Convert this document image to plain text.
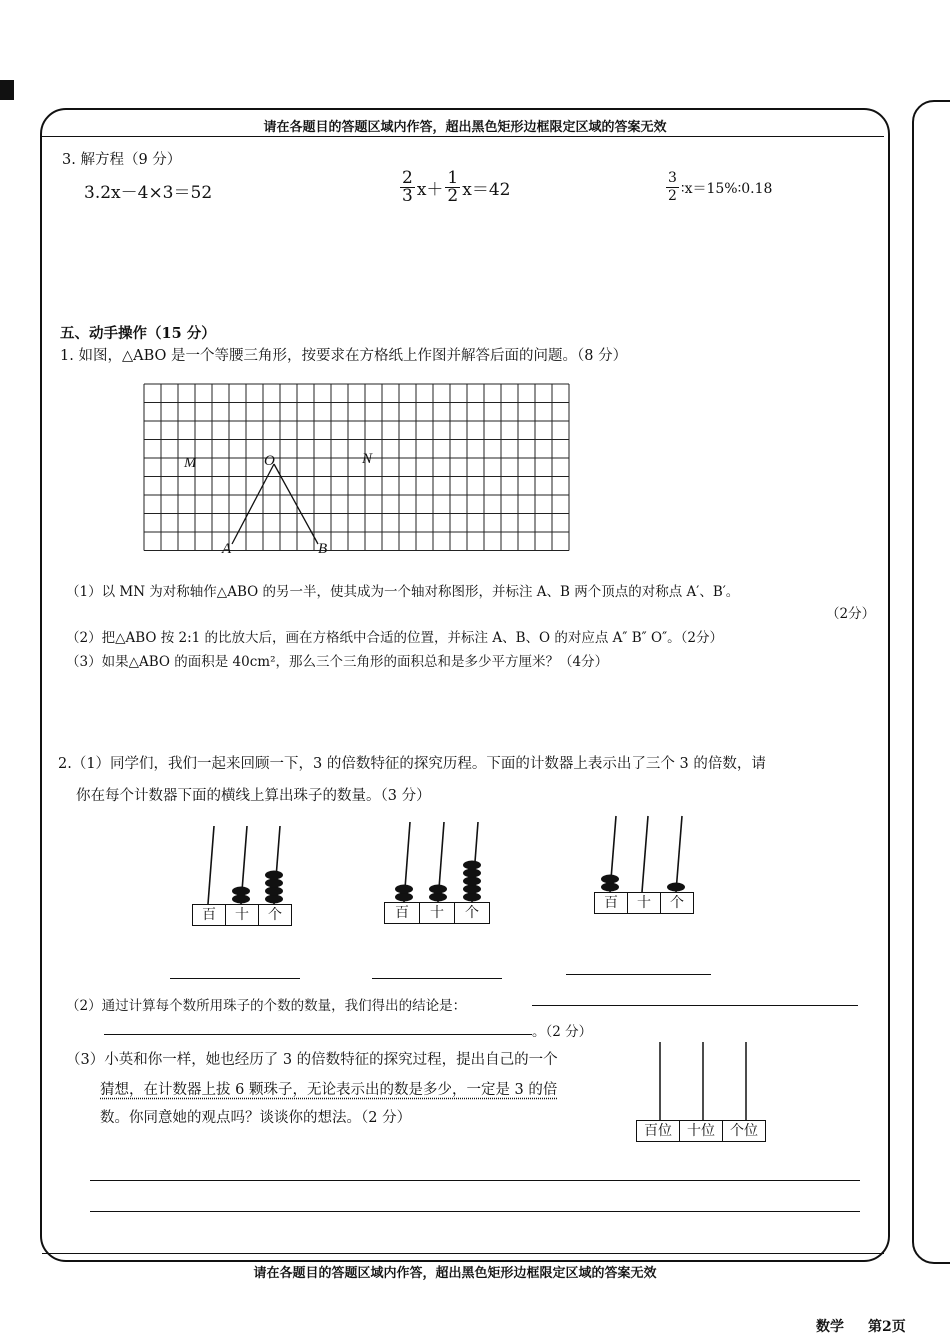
请在各题目的答题区域内作答，超出黑色矩形边框限定区域的答案无效
3. 解方程（9 分）
3.2x－4×3＝52	$\frac{2}{3} x+ \frac{1}{2} x=42$	$\frac{3}{2}$ ∶x＝15%∶0.18
五、动手操作（15 分）
1. 如图，△ABO 是一个等腰三角形，按要求在方格纸上作图并解答后面的问题。（8 分）
M	O	N
A	B
（1）以 MN 为对称轴作△ABO 的另一半，使其成为一个轴对称图形，并标注 A、B 两个顶点的对称点 A′、B′。
（2分）
（2）把△ABO 按 2:1 的比放大后，画在方格纸中合适的位置，并标注 A、B、O 的对应点 A″ B″ O″。（2分）
（3）如果△ABO 的面积是 40cm²，那么三个三角形的面积总和是多少平方厘米？（4分）
2.（1）同学们，我们一起来回顾一下，3 的倍数特征的探究历程。下面的计数器上表示出了三个 3 的倍数，请
你在每个计数器下面的横线上算出珠子的数量。（3 分）
百	十	个	百	十	个
百	十	个
（2）通过计算每个数所用珠子的个数的数量，我们得出的结论是：
。（2 分）
（3）小英和你一样，她也经历了 3 的倍数特征的探究过程，提出自己的一个
猜想，在计数器上拔 6 颗珠子，无论表示出的数是多少，一定是 3 的倍
数。你同意她的观点吗？谈谈你的想法。（2 分）
百位	十位	个位
请在各题目的答题区域内作答，超出黑色矩形边框限定区域的答案无效
数学 第2页
